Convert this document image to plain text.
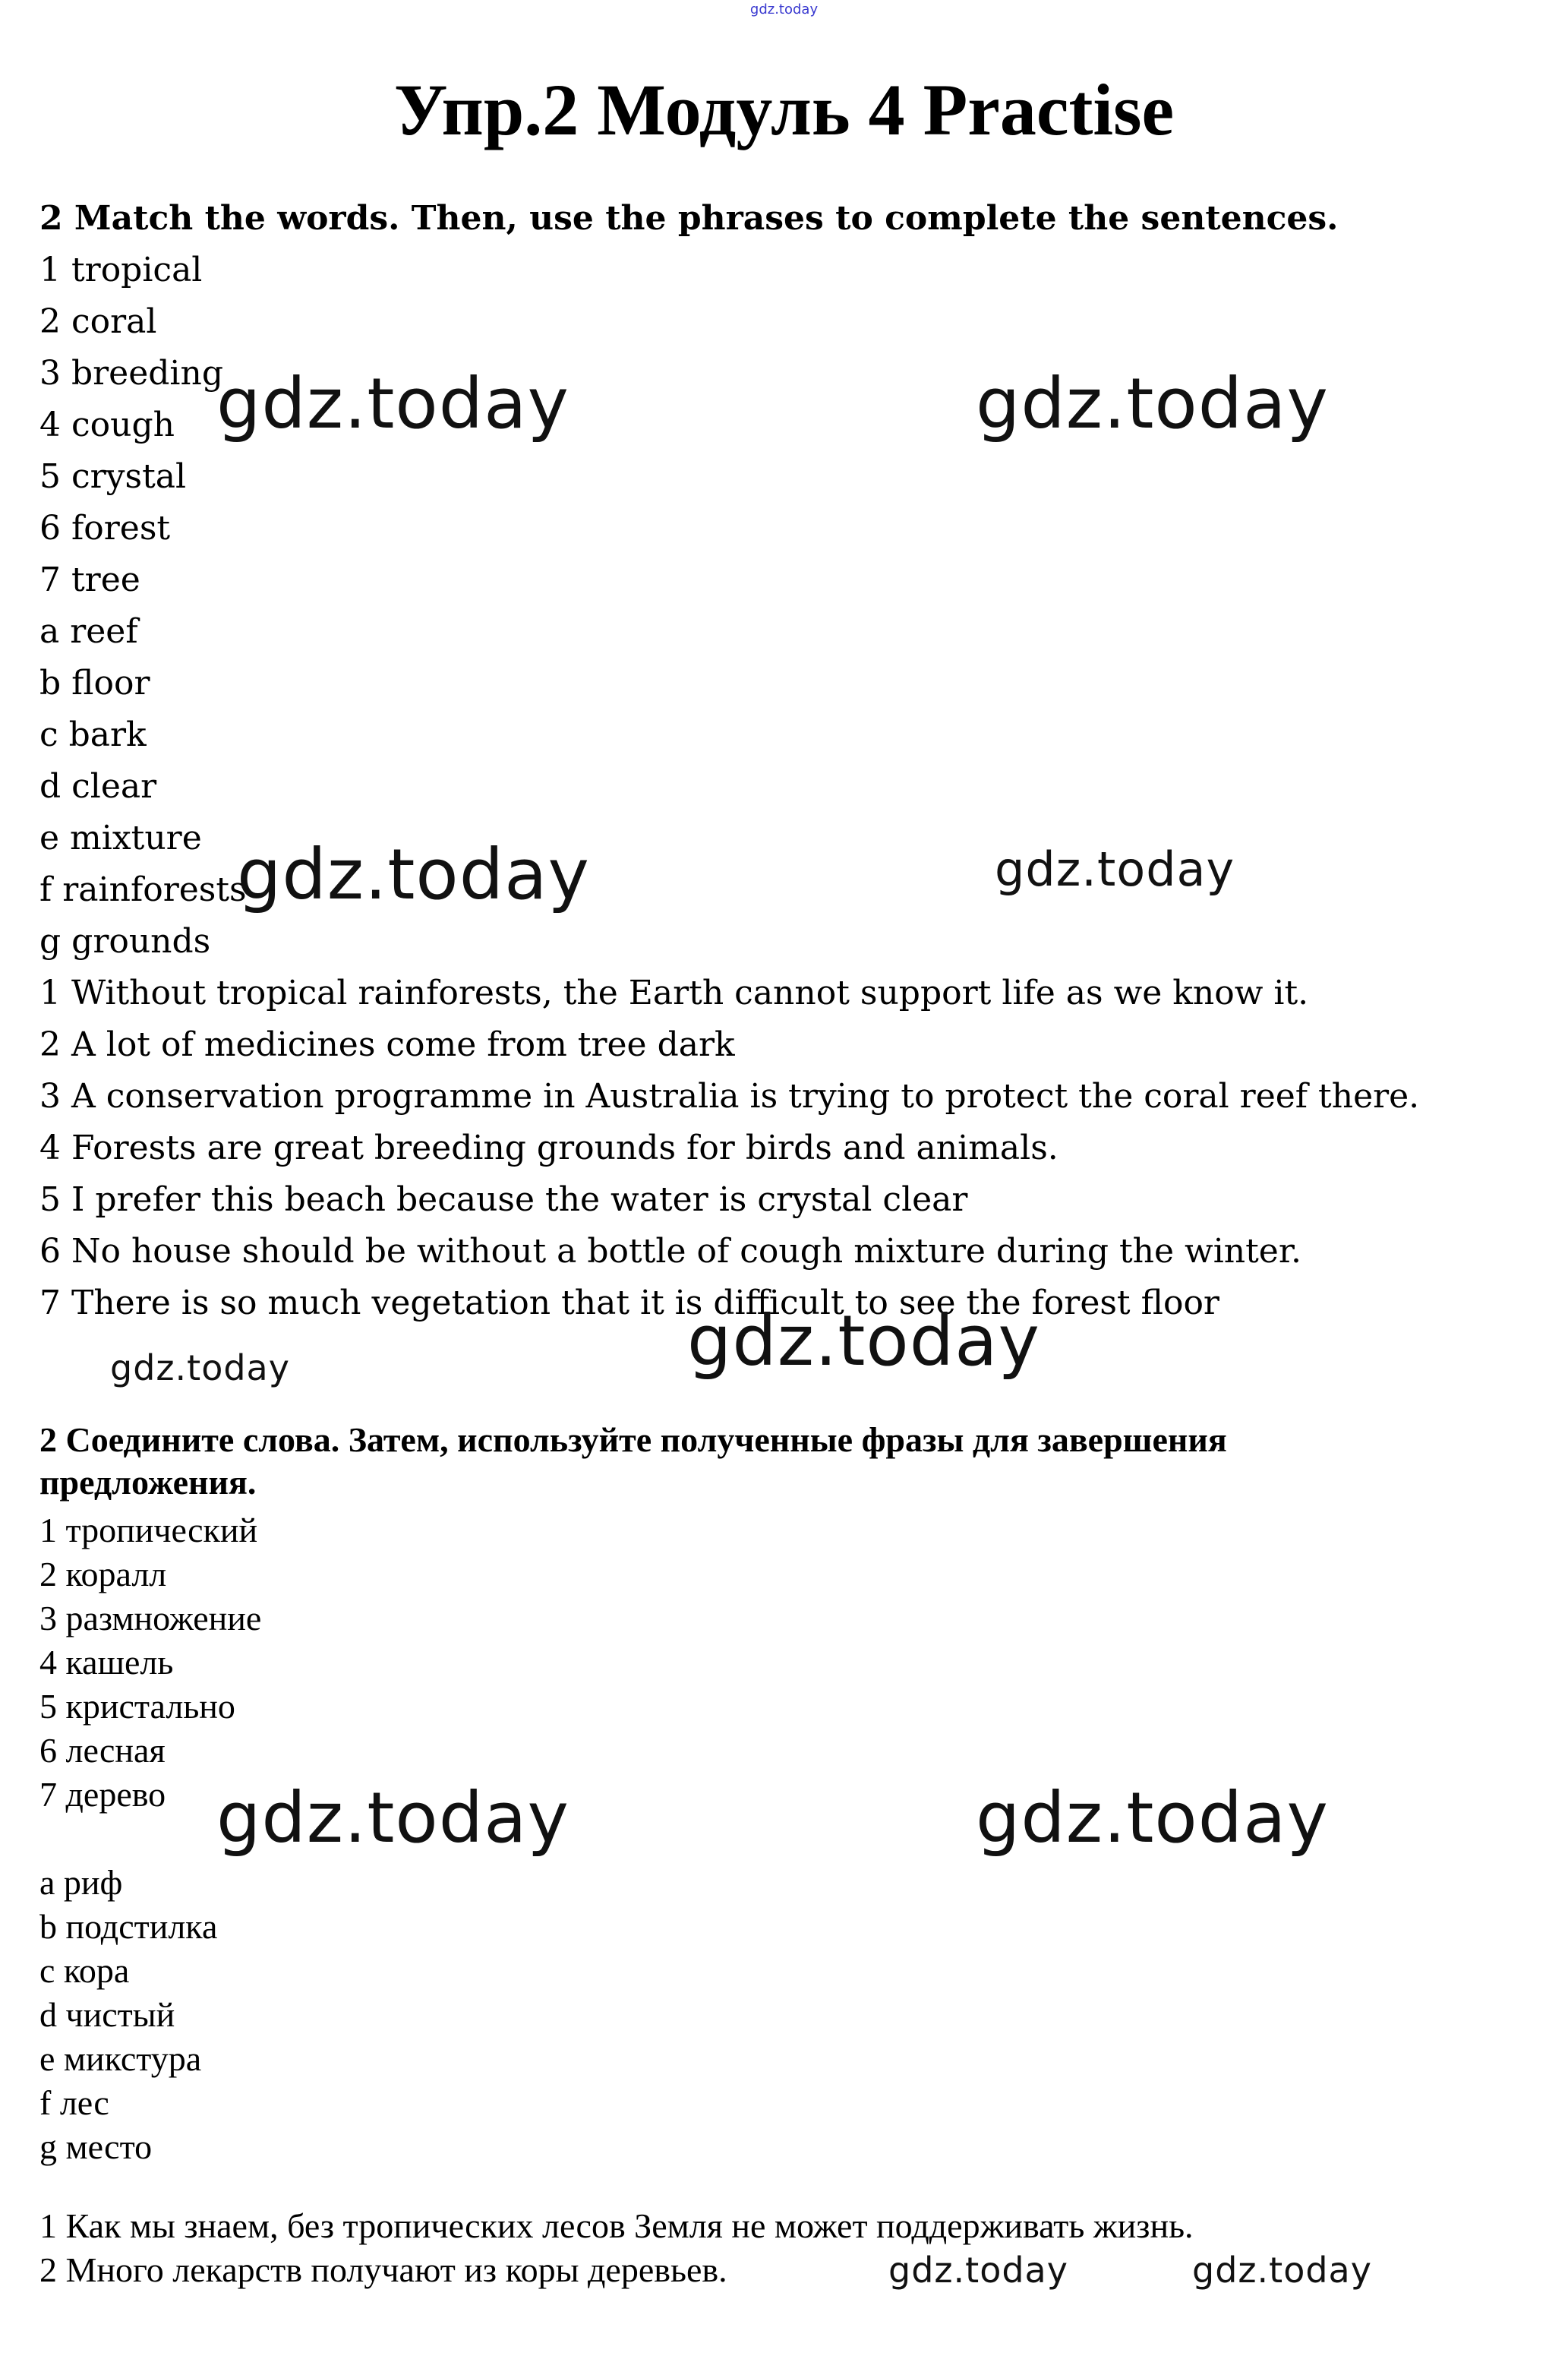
gdz.today
Упр.2 Модуль 4 Practise
2 Match the words. Then, use the phrases to complete the sentences.
1 tropical
2 coral
3 breeding
4 cough
5 crystal
6 forest
7 tree
a reef
b floor
c bark
d clear
e mixture
f rainforests
g grounds
1 Without tropical rainforests, the Earth cannot support life as we know it.
2 A lot of medicines come from tree dark
3 A conservation programme in Australia is trying to protect the coral reef there.
4 Forests are great breeding grounds for birds and animals.
5 I prefer this beach because the water is crystal clear
6 No house should be without a bottle of cough mixture during the winter.
7 There is so much vegetation that it is difficult to see the forest floor
2 Соедините слова. Затем, используйте полученные фразы для завершения предложения.
1 тропический
2 коралл
3 размножение
4 кашель
5 кристально
6 лесная
7 дерево
a риф
b подстилка
c кора
d чистый
e микстура
f лес
g место
1 Как мы знаем, без тропических лесов Земля не может поддерживать жизнь.
2 Много лекарств получают из коры деревьев.
gdz.today	gdz.today
gdz.today	gdz.today
gdz.today
gdz.today
gdz.today	gdz.today
gdz.today	gdz.today
